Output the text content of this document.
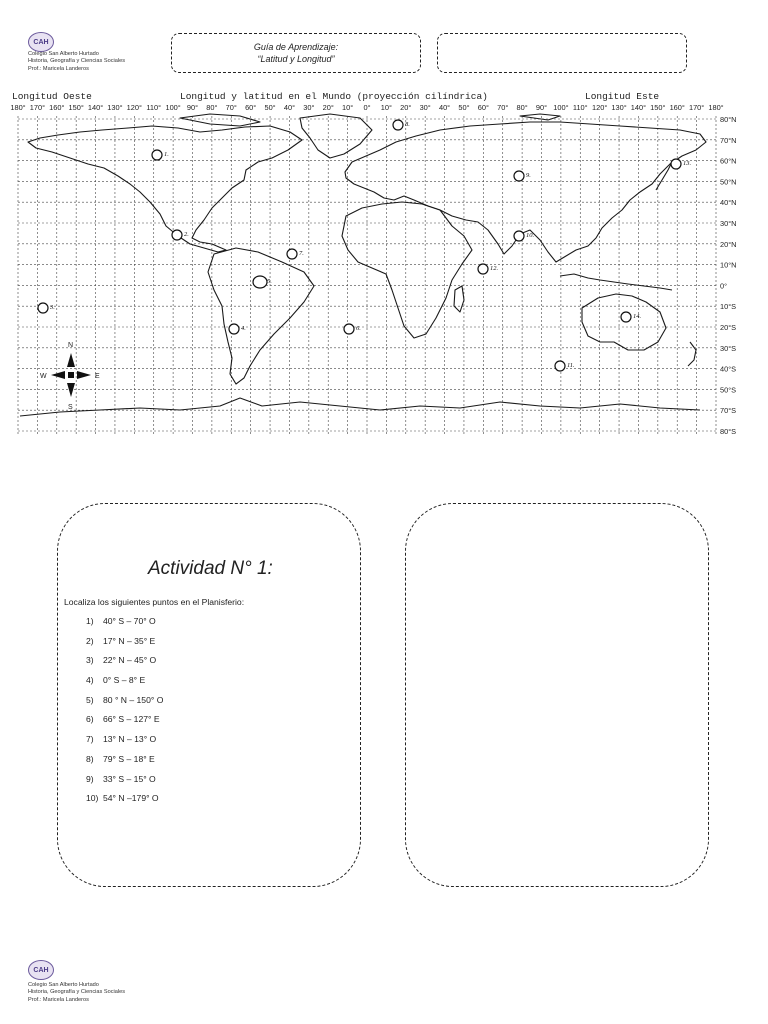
CAH
Colegio San Alberto Hurtado
Historia, Geografía y Ciencias Sociales
Prof.: Maricela Landeros
Guía de Aprendizaje:
“Latitud y Longitud”
Longitud Oeste	Longitud y latitud en el Mundo (proyección cilíndrica)	Longitud Este
180° 170° 160° 150° 140° 130° 120° 110° 100° 90° 80° 70° 60° 50° 40° 30° 20° 10° 0° 10° 20° 30° 40° 50° 60° 70° 80° 90° 100° 110° 120° 130° 140° 150° 160° 170° 180°
80°N
70°N
60°N
50°N
40°N
30°N
20°N
10°N
0°
10°S
20°S
30°S
40°S
50°S
70°S
80°S
1.
2.
3.
4.
5.
6.
7.
8.
9.
10.
11.
12.
13.
14.
N
S
E
W
Actividad N° 1:
Localiza los siguientes puntos en el Planisferio:
1) 40° S – 70° O
2) 17° N – 35° E
3) 22° N – 45° O
4) 0° S – 8° E
5) 80 ° N – 150° O
6) 66° S – 127° E
7) 13° N – 13° O
8) 79° S – 18° E
9) 33° S – 15° O
10) 54° N –179° O
CAH
Colegio San Alberto Hurtado
Historia, Geografía y Ciencias Sociales
Prof.: Maricela Landeros
